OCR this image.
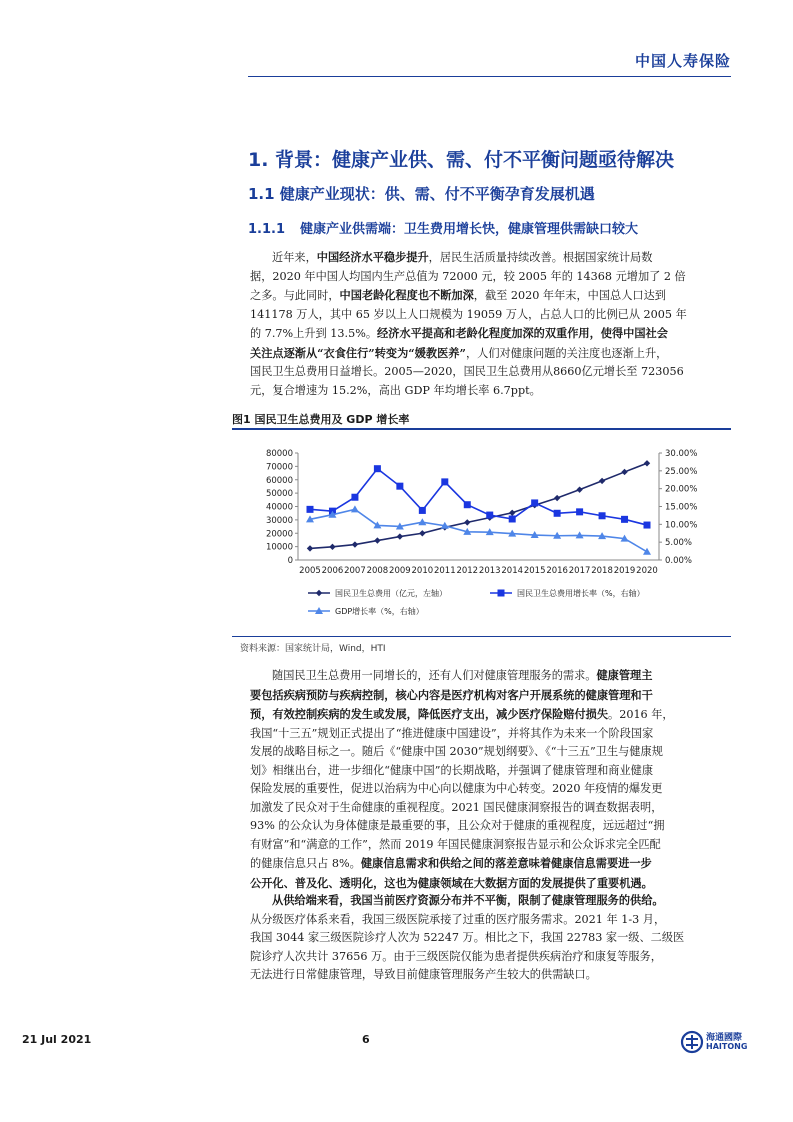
中国人寿保险
1. 背景：健康产业供、需、付不平衡问题亟待解决
1.1 健康产业现状：供、需、付不平衡孕育发展机遇
1.1.1 健康产业供需端：卫生费用增长快，健康管理供需缺口较大
近年来，中国经济水平稳步提升，居民生活质量持续改善。根据国家统计局数
据，2020 年中国人均国内生产总值为 72000 元，较 2005 年的 14368 元增加了 2 倍
之多。与此同时，中国老龄化程度也不断加深，截至 2020 年年末，中国总人口达到
141178 万人，其中 65 岁以上人口规模为 19059 万人，占总人口的比例已从 2005 年
的 7.7%上升到 13.5%。经济水平提高和老龄化程度加深的双重作用，使得中国社会
关注点逐渐从“衣食住行”转变为“媛教医养”，人们对健康问题的关注度也逐渐上升，
国民卫生总费用日益增长。2005—2020，国民卫生总费用从8660亿元增长至 723056
元，复合增速为 15.2%，高出 GDP 年均增长率 6.7ppt。
图1 国民卫生总费用及 GDP 增长率
0
10000
20000
30000
40000
50000
60000
70000
80000
0.00%
5.00%
10.00%
15.00%
20.00%
25.00%
30.00%
2005 2006 2007 2008 2009 2010 2011 2012 2013 2014 2015 2016 2017 2018 2019 2020
国民卫生总费用（亿元，左轴）	国民卫生总费用增长率（%，右轴）
GDP增长率（%，右轴）
资料来源：国家统计局，Wind，HTI
随国民卫生总费用一同增长的，还有人们对健康管理服务的需求。健康管理主
要包括疾病预防与疾病控制，核心内容是医疗机构对客户开展系统的健康管理和干
预，有效控制疾病的发生或发展，降低医疗支出，减少医疗保险赔付损失。2016 年，
我国“十三五”规划正式提出了“推进健康中国建设”，并将其作为未来一个阶段国家
发展的战略目标之一。随后《“健康中国 2030”规划纲要》、《“十三五”卫生与健康规
划》相继出台，进一步细化“健康中国”的长期战略，并强调了健康管理和商业健康
保险发展的重要性，促进以治病为中心向以健康为中心转变。2020 年疫情的爆发更
加激发了民众对于生命健康的重视程度。2021 国民健康洞察报告的调查数据表明，
93% 的公众认为身体健康是最重要的事，且公众对于健康的重视程度，远远超过“拥
有财富”和“满意的工作”，然而 2019 年国民健康洞察报告显示和公众诉求完全匹配
的健康信息只占 8%。健康信息需求和供给之间的落差意味着健康信息需要进一步
公开化、普及化、透明化，这也为健康领域在大数据方面的发展提供了重要机遇。
从供给端来看，我国当前医疗资源分布并不平衡，限制了健康管理服务的供给。
从分级医疗体系来看，我国三级医院承接了过重的医疗服务需求。2021 年 1-3 月，
我国 3044 家三级医院诊疗人次为 52247 万。相比之下，我国 22783 家一级、二级医
院诊疗人次共计 37656 万。由于三级医院仅能为患者提供疾病治疗和康复等服务，
无法进行日常健康管理，导致目前健康管理服务产生较大的供需缺口。
21 Jul 2021	6	海通國際
HAITONG
